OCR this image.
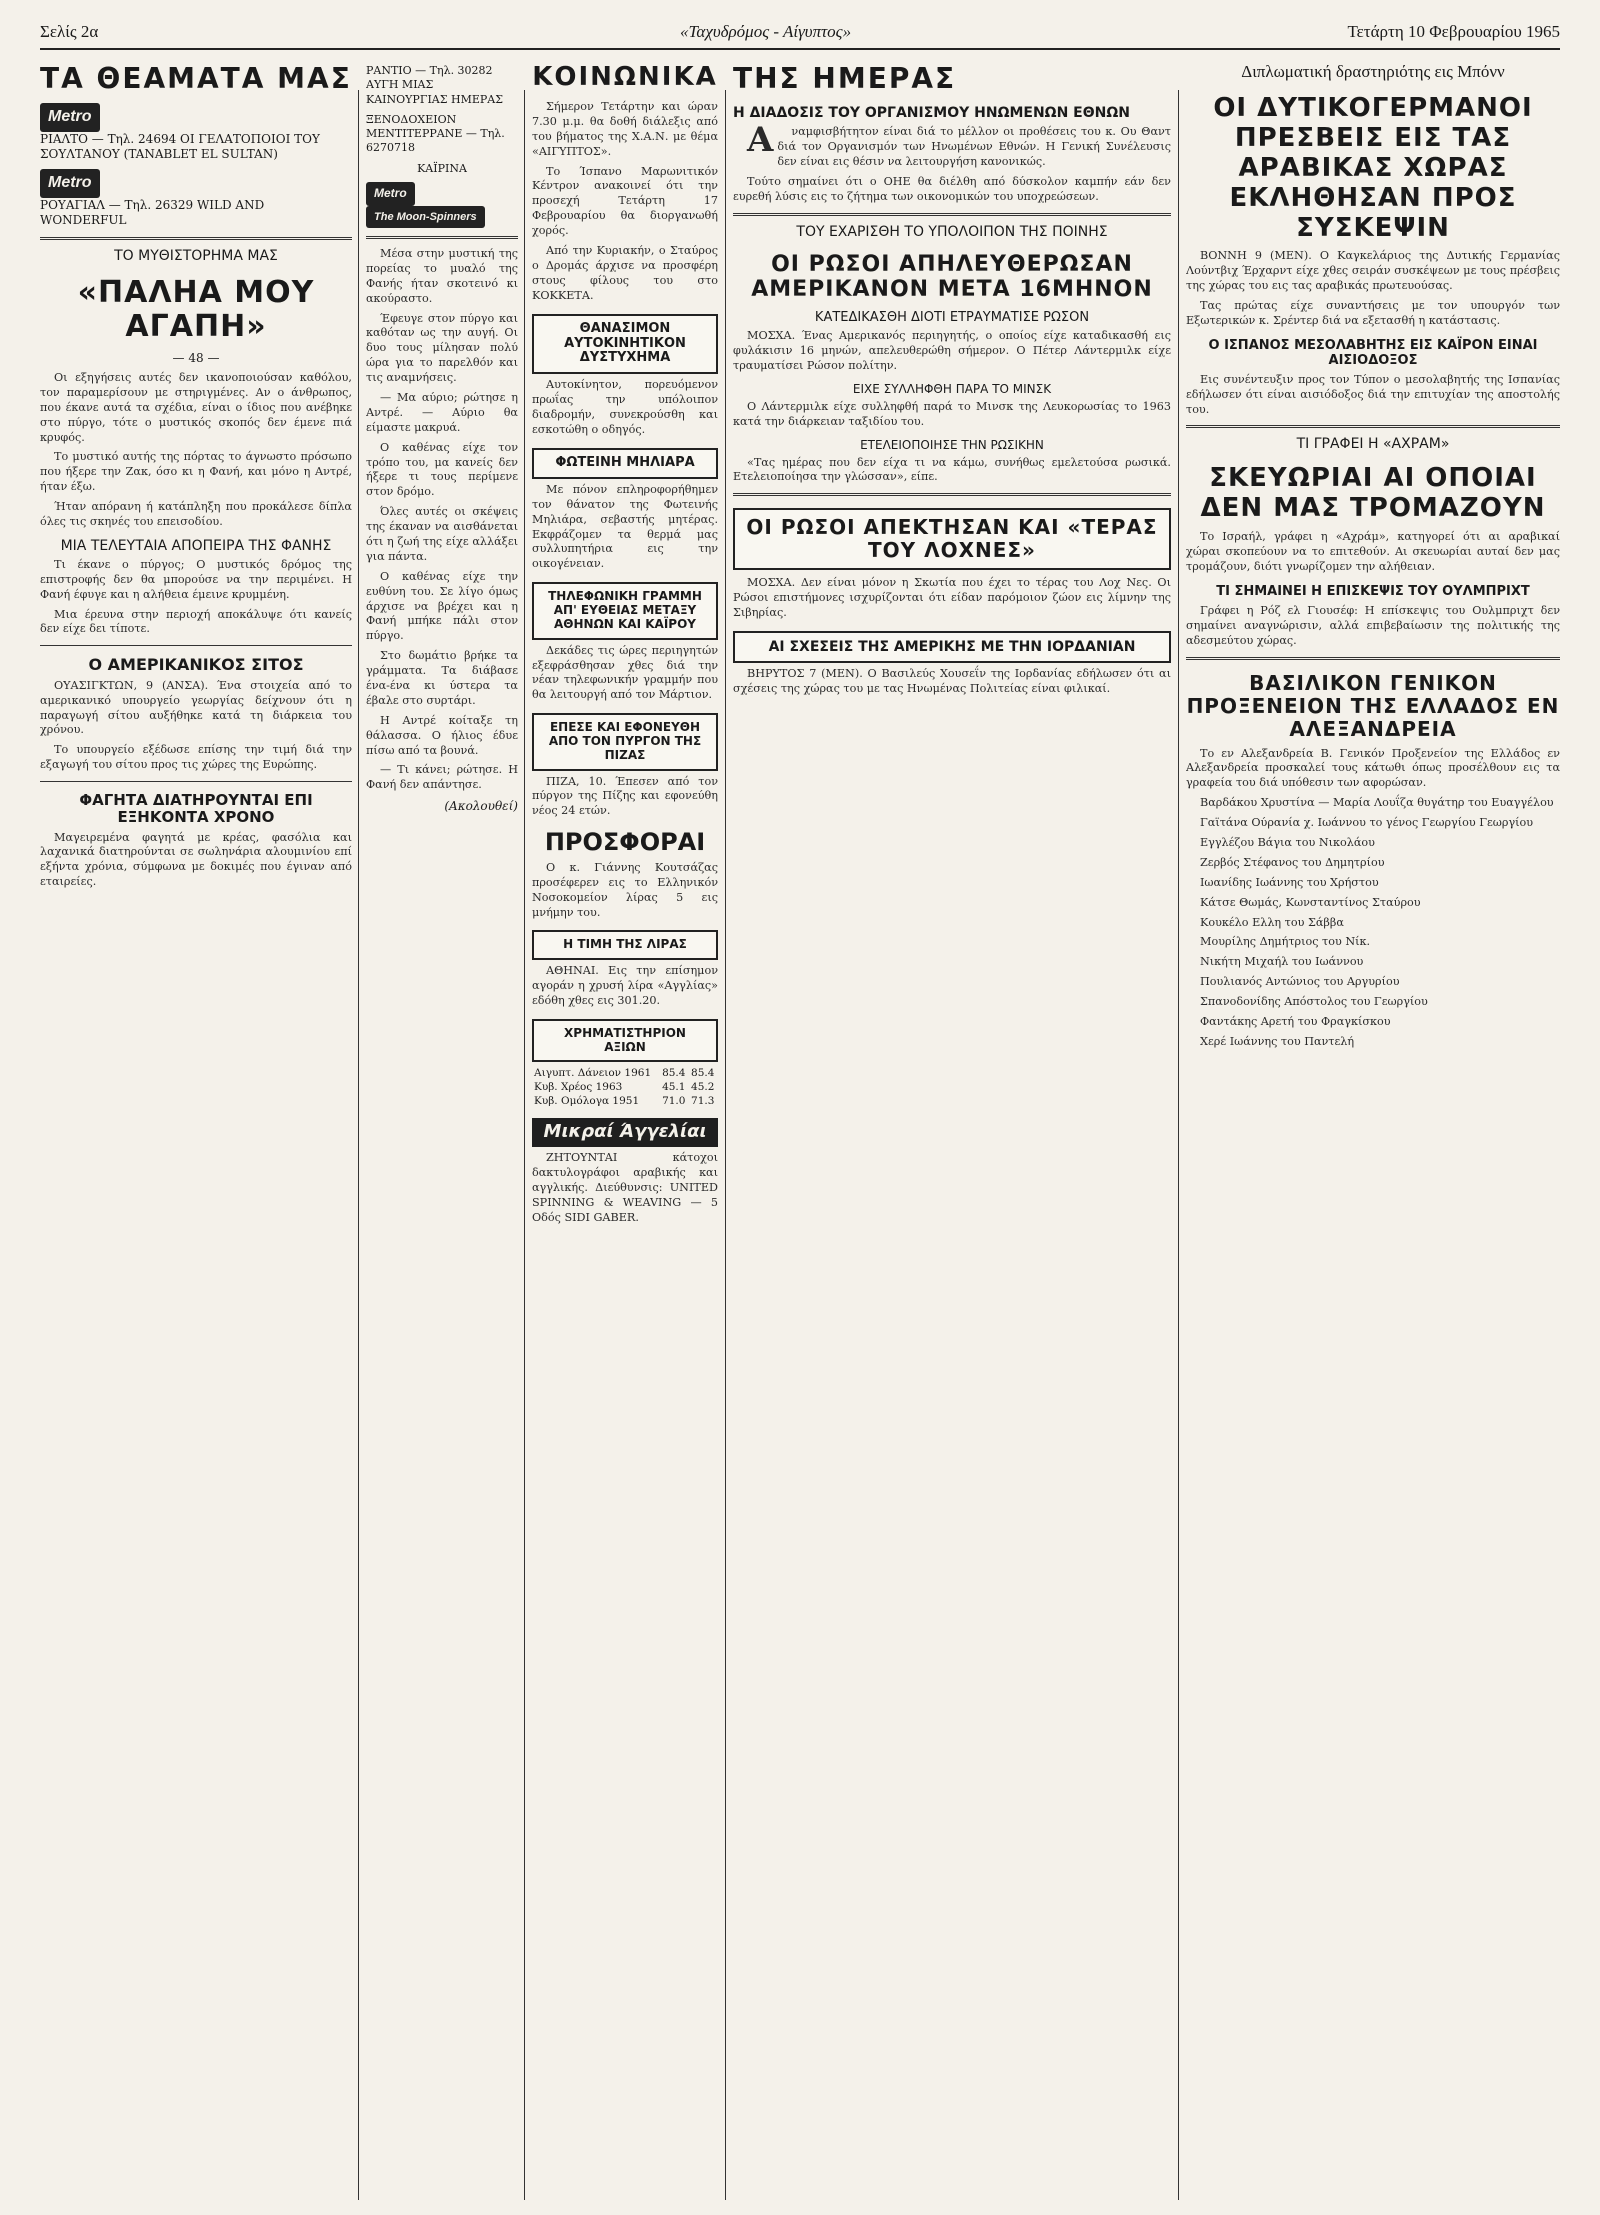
Σελίς 2α	«Ταχυδρόμος - Αίγυπτος»	Τετάρτη 10 Φεβρουαρίου 1965
ΤΑ ΘΕΑΜΑΤΑ ΜΑΣ
Metro
ΡΙΑΛΤΟ — Τηλ. 24694 ΟΙ ΓΕΛΑΤΟΠΟΙΟΙ ΤΟΥ ΣΟΥΛΤΑΝΟΥ (TANABLET EL SULTAN)
Metro
ΡΟΥΑΓΙΑΛ — Τηλ. 26329 WILD AND WONDERFUL
ΤΟ ΜΥΘΙΣΤΟΡΗΜΑ ΜΑΣ
«ΠΑΛΗΑ ΜΟΥ ΑΓΑΠΗ»
— 48 —

Οι εξηγήσεις αυτές δεν ικανοποιούσαν καθόλου, τον παραμερίσουν με στηριγμένες. Αν ο άνθρωπος, που έκανε αυτά τα σχέδια, είναι ο ίδιος που ανέβηκε στο πύργο, τότε ο μυστικός σκοπός δεν έμενε πιά κρυφός.

Το μυστικό αυτής της πόρτας το άγνωστο πρόσωπο που ήξερε την Ζακ, όσο κι η Φανή, και μόνο η Αντρέ, ήταν έξω.

Ήταν απόρανη ή κατάπληξη που προκάλεσε δίπλα όλες τις σκηνές του επεισοδίου.

ΜΙΑ ΤΕΛΕΥΤΑΙΑ ΑΠΟΠΕΙΡΑ ΤΗΣ ΦΑΝΗΣ

Τι έκανε ο πύργος; Ο μυστικός δρόμος της επιστροφής δεν θα μπορούσε να την περιμένει. Η Φανή έφυγε και η αλήθεια έμεινε κρυμμένη.

Μια έρευνα στην περιοχή αποκάλυψε ότι κανείς δεν είχε δει τίποτε.

Ο ΑΜΕΡΙΚΑΝΙΚΟΣ ΣΙΤΟΣ

ΟΥΑΣΙΓΚΤΩΝ, 9 (ΑΝΣΑ). Ένα στοιχεία από το αμερικανικό υπουργείο γεωργίας δείχνουν ότι η παραγωγή σίτου αυξήθηκε κατά τη διάρκεια του χρόνου.

Το υπουργείο εξέδωσε επίσης την τιμή διά την εξαγωγή του σίτου προς τις χώρες της Ευρώπης.

ΦΑΓΗΤΑ ΔΙΑΤΗΡΟΥΝΤΑΙ ΕΠΙ ΕΞΗΚΟΝΤΑ ΧΡΟΝΟ

Μαγειρεμένα φαγητά με κρέας, φασόλια και λαχανικά διατηρούνται σε σωληνάρια αλουμινίου επί εξήντα χρόνια, σύμφωνα με δοκιμές που έγιναν από εταιρείες.

ΡΑΝΤΙΟ — Τηλ. 30282 ΑΥΓΗ ΜΙΑΣ ΚΑΙΝΟΥΡΓΙΑΣ ΗΜΕΡΑΣ
ΞΕΝΟΔΟΧΕΙΟΝ ΜΕΝΤΙΤΕΡΡΑΝΕ — Τηλ. 6270718
ΚΑΪΡΙΝΑ
Metro The Moon-Spinners

Μέσα στην μυστική της πορείας το μυαλό της Φανής ήταν σκοτεινό κι ακούραστο.

Έφευγε στον πύργο και καθόταν ως την αυγή. Οι δυο τους μίλησαν πολύ ώρα για το παρελθόν και τις αναμνήσεις.

— Μα αύριο; ρώτησε η Αντρέ. — Αύριο θα είμαστε μακρυά.

Ο καθένας είχε τον τρόπο του, μα κανείς δεν ήξερε τι τους περίμενε στον δρόμο.

Όλες αυτές οι σκέψεις της έκαναν να αισθάνεται ότι η ζωή της είχε αλλάξει για πάντα.

Ο καθένας είχε την ευθύνη του. Σε λίγο όμως άρχισε να βρέχει και η Φανή μπήκε πάλι στον πύργο.

Στο δωμάτιο βρήκε τα γράμματα. Τα διάβασε ένα-ένα κι ύστερα τα έβαλε στο συρτάρι.

Η Αντρέ κοίταξε τη θάλασσα. Ο ήλιος έδυε πίσω από τα βουνά.

— Τι κάνει; ρώτησε. Η Φανή δεν απάντησε.

(Ακολουθεί)
ΚΟΙΝΩΝΙΚΑ

Σήμερον Τετάρτην και ώραν 7.30 μ.μ. θα δοθή διάλεξις από του βήματος της Χ.Α.Ν. με θέμα «ΑΙΓΥΠΤΟΣ».

Το Ίσπανο Μαρωνιτικόν Κέντρον ανακοινεί ότι την προσεχή Τετάρτη 17 Φεβρουαρίου θα διοργανωθή χορός.

Από την Κυριακήν, ο Σταύρος ο Δρομάς άρχισε να προσφέρη στους φίλους του στο ΚΟΚΚΕΤΑ.

ΘΑΝΑΣΙΜΟΝ ΑΥΤΟΚΙΝΗΤΙΚΟΝ ΔΥΣΤΥΧΗΜΑ

Αυτοκίνητον, πορευόμενον πρωΐας την υπόλοιπον διαδρομήν, συνεκρούσθη και εσκοτώθη ο οδηγός.

ΦΩΤΕΙΝΗ ΜΗΛΙΑΡΑ

Με πόνον επληροφορήθημεν τον θάνατον της Φωτεινής Μηλιάρα, σεβαστής μητέρας. Εκφράζομεν τα θερμά μας συλλυπητήρια εις την οικογένειαν.

ΤΗΛΕΦΩΝΙΚΗ ΓΡΑΜΜΗ ΑΠ' ΕΥΘΕΙΑΣ ΜΕΤΑΞΥ ΑΘΗΝΩΝ ΚΑΙ ΚΑΪΡΟΥ

Δεκάδες τις ώρες περιηγητών εξεφράσθησαν χθες διά την νέαν τηλεφωνικήν γραμμήν που θα λειτουργή από τον Μάρτιον.

ΕΠΕΣΕ ΚΑΙ ΕΦΟΝΕΥΘΗ ΑΠΟ ΤΟΝ ΠΥΡΓΟΝ ΤΗΣ ΠΙΖΑΣ

ΠΙΖΑ, 10. Έπεσεν από τον πύργον της Πίζης και εφονεύθη νέος 24 ετών.

ΠΡΟΣΦΟΡΑΙ

Ο κ. Γιάννης Κουτσάζας προσέφερεν εις το Ελληνικόν Νοσοκομείον λίρας 5 εις μνήμην του.

Η ΤΙΜΗ ΤΗΣ ΛΙΡΑΣ

ΑΘΗΝΑΙ. Εις την επίσημον αγοράν η χρυσή λίρα «Αγγλίας» εδόθη χθες εις 301.20.

ΧΡΗΜΑΤΙΣΤΗΡΙΟΝ ΑΞΙΩΝ
Αιγυπτ. Δάνειον 1961	85.4	85.4
Κυβ. Χρέος 1963	45.1	45.2
Κυβ. Ομόλογα 1951	71.0	71.3
Μικραί Άγγελίαι

ΖΗΤΟΥΝΤΑΙ κάτοχοι δακτυλογράφοι αραβικής και αγγλικής. Διεύθυνσις: UNITED SPINNING & WEAVING — 5 Οδός SIDI GABER.

ΤΗΣ ΗΜΕΡΑΣ
Η ΔΙΑΔΟΣΙΣ ΤΟΥ ΟΡΓΑΝΙΣΜΟΥ ΗΝΩΜΕΝΩΝ ΕΘΝΩΝ

Αναμφισβήτητον είναι διά το μέλλον οι προθέσεις του κ. Ου Θαντ διά τον Οργανισμόν των Ηνωμένων Εθνών. Η Γενική Συνέλευσις δεν είναι εις θέσιν να λειτουργήση κανονικώς.

Τούτο σημαίνει ότι ο ΟΗΕ θα διέλθη από δύσκολον καμπήν εάν δεν ευρεθή λύσις εις το ζήτημα των οικονομικών του υποχρεώσεων.

ΤΟΥ ΕΧΑΡΙΣΘΗ ΤΟ ΥΠΟΛΟΙΠΟΝ ΤΗΣ ΠΟΙΝΗΣ
ΟΙ ΡΩΣΟΙ ΑΠΗΛΕΥΘΕΡΩΣΑΝ ΑΜΕΡΙΚΑΝΟΝ ΜΕΤΑ 16ΜΗΝΟΝ
ΚΑΤΕΔΙΚΑΣΘΗ ΔΙΟΤΙ ΕΤΡΑΥΜΑΤΙΣΕ ΡΩΣΟΝ

ΜΟΣΧΑ. Ένας Αμερικανός περιηγητής, ο οποίος είχε καταδικασθή εις φυλάκισιν 16 μηνών, απελευθερώθη σήμερον. Ο Πέτερ Λάντερμιλκ είχε τραυματίσει Ρώσον πολίτην.

ΕΙΧΕ ΣΥΛΛΗΦΘΗ ΠΑΡΑ ΤΟ ΜΙΝΣΚ

Ο Λάντερμιλκ είχε συλληφθή παρά το Μινσκ της Λευκορωσίας το 1963 κατά την διάρκειαν ταξιδίου του.

ΕΤΕΛΕΙΟΠΟΙΗΣΕ ΤΗΝ ΡΩΣΙΚΗΝ

«Τας ημέρας που δεν είχα τι να κάμω, συνήθως εμελετούσα ρωσικά. Ετελειοποίησα την γλώσσαν», είπε.

ΟΙ ΡΩΣΟΙ ΑΠΕΚΤΗΣΑΝ ΚΑΙ «ΤΕΡΑΣ ΤΟΥ ΛΟΧΝΕΣ»

ΜΟΣΧΑ. Δεν είναι μόνον η Σκωτία που έχει το τέρας του Λοχ Νες. Οι Ρώσοι επιστήμονες ισχυρίζονται ότι είδαν παρόμοιον ζώον εις λίμνην της Σιβηρίας.

ΑΙ ΣΧΕΣΕΙΣ ΤΗΣ ΑΜΕΡΙΚΗΣ ΜΕ ΤΗΝ ΙΟΡΔΑΝΙΑΝ

ΒΗΡΥΤΟΣ 7 (ΜΕΝ). Ο Βασιλεύς Χουσεΐν της Ιορδανίας εδήλωσεν ότι αι σχέσεις της χώρας του με τας Ηνωμένας Πολιτείας είναι φιλικαί.

Διπλωματική δραστηριότης εις Μπόνν
ΟΙ ΔΥΤΙΚΟΓΕΡΜΑΝΟΙ ΠΡΕΣΒΕΙΣ ΕΙΣ ΤΑΣ ΑΡΑΒΙΚΑΣ ΧΩΡΑΣ ΕΚΛΗΘΗΣΑΝ ΠΡΟΣ ΣΥΣΚΕΨΙΝ

ΒΟΝΝΗ 9 (ΜΕΝ). Ο Καγκελάριος της Δυτικής Γερμανίας Λούντβιχ Έρχαρντ είχε χθες σειράν συσκέψεων με τους πρέσβεις της χώρας του εις τας αραβικάς πρωτευούσας.

Τας πρώτας είχε συναντήσεις με τον υπουργόν των Εξωτερικών κ. Σρέντερ διά να εξετασθή η κατάστασις.

Ο ΙΣΠΑΝΟΣ ΜΕΣΟΛΑΒΗΤΗΣ ΕΙΣ ΚΑΪΡΟΝ ΕΙΝΑΙ ΑΙΣΙΟΔΟΞΟΣ

Εις συνέντευξιν προς τον Τύπον ο μεσολαβητής της Ισπανίας εδήλωσεν ότι είναι αισιόδοξος διά την επιτυχίαν της αποστολής του.

ΤΙ ΓΡΑΦΕΙ Η «ΑΧΡΑΜ»
ΣΚΕΥΩΡΙΑΙ ΑΙ ΟΠΟΙΑΙ ΔΕΝ ΜΑΣ ΤΡΟΜΑΖΟΥΝ

Το Ισραήλ, γράφει η «Αχράμ», κατηγορεί ότι αι αραβικαί χώραι σκοπεύουν να το επιτεθούν. Αι σκευωρίαι αυταί δεν μας τρομάζουν, διότι γνωρίζομεν την αλήθειαν.

ΤΙ ΣΗΜΑΙΝΕΙ Η ΕΠΙΣΚΕΨΙΣ ΤΟΥ ΟΥΛΜΠΡΙΧΤ

Γράφει η Ρόζ ελ Γιουσέφ: Η επίσκεψις του Ουλμπριχτ δεν σημαίνει αναγνώρισιν, αλλά επιβεβαίωσιν της πολιτικής της αδεσμεύτου χώρας.

ΒΑΣΙΛΙΚΟΝ ΓΕΝΙΚΟΝ ΠΡΟΞΕΝΕΙΟΝ ΤΗΣ ΕΛΛΑΔΟΣ ΕΝ ΑΛΕΞΑΝΔΡΕΙΑ

Το εν Αλεξανδρεία Β. Γενικόν Προξενείον της Ελλάδος εν Αλεξανδρεία προσκαλεί τους κάτωθι όπως προσέλθουν εις τα γραφεία του διά υπόθεσιν των αφορώσαν.

Βαρδάκου Χρυστίνα — Μαρία Λουΐζα θυγάτηρ του Ευαγγέλου

Γαϊτάνα Ούρανία χ. Ιωάννου το γένος Γεωργίου Γεωργίου

Εγγλέζου Βάγια του Νικολάου

Ζερβός Στέφανος του Δημητρίου

Ιωανίδης Ιωάννης του Χρήστου

Κάτσε Θωμάς, Κωνσταντίνος Σταύρου

Κουκέλο Ελλη του Σάββα

Μουρίλης Δημήτριος του Νίκ.

Νικήτη Μιχαήλ του Ιωάννου

Πουλιανός Αντώνιος του Αργυρίου

Σπανοδονίδης Απόστολος του Γεωργίου

Φαντάκης Αρετή του Φραγκίσκου

Χερέ Ιωάννης του Παντελή
